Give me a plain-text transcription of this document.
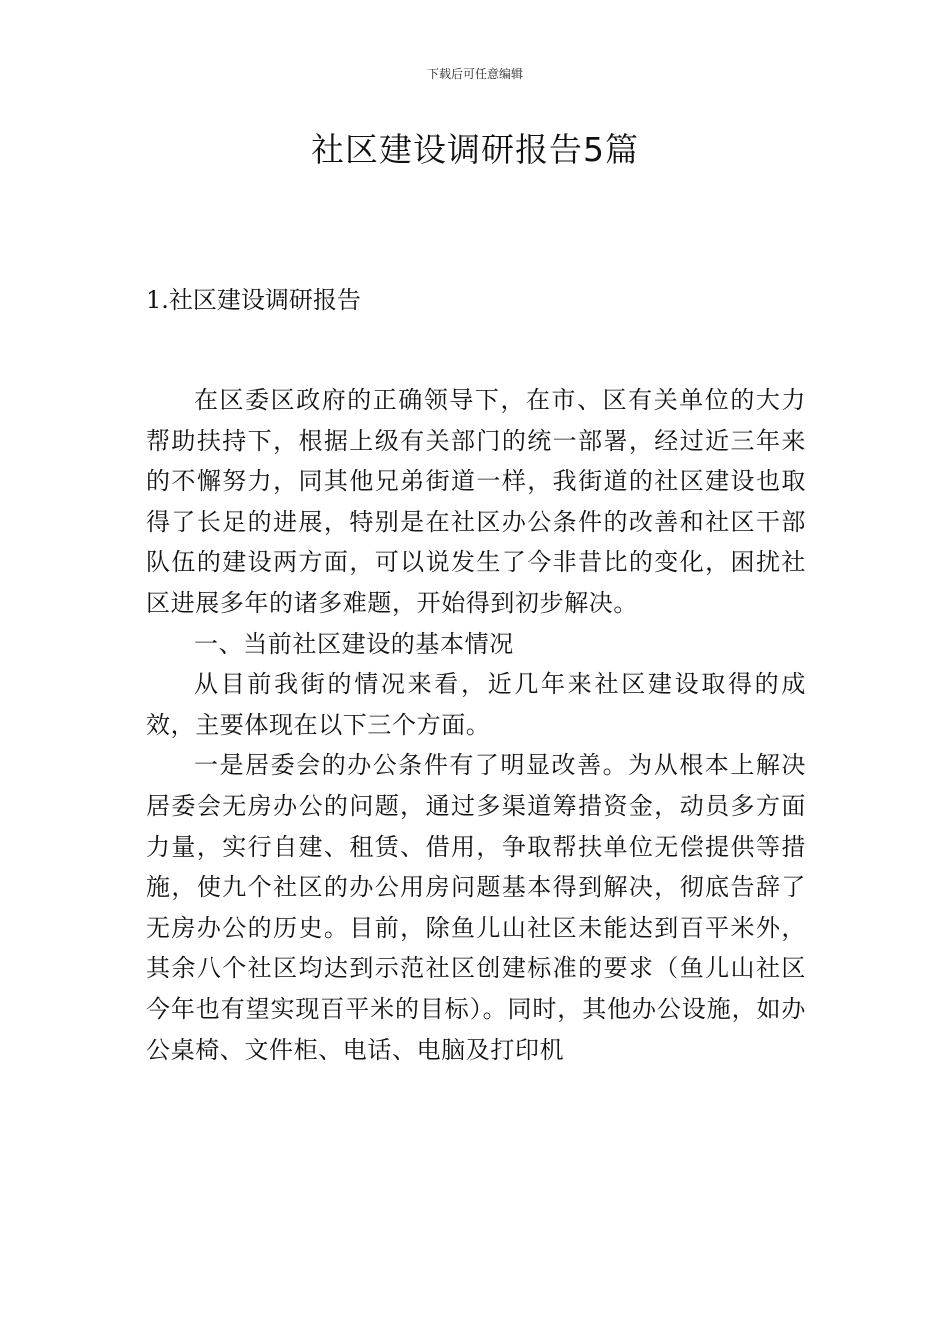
下载后可任意编辑
社区建设调研报告5篇
1.社区建设调研报告

在区委区政府的正确领导下，在市、区有关单位的大力帮助扶持下，根据上级有关部门的统一部署，经过近三年来的不懈努力，同其他兄弟街道一样，我街道的社区建设也取得了长足的进展，特别是在社区办公条件的改善和社区干部队伍的建设两方面，可以说发生了今非昔比的变化，困扰社区进展多年的诸多难题，开始得到初步解决。

一、当前社区建设的基本情况

从目前我街的情况来看，近几年来社区建设取得的成效，主要体现在以下三个方面。

一是居委会的办公条件有了明显改善。为从根本上解决居委会无房办公的问题，通过多渠道筹措资金，动员多方面力量，实行自建、租赁、借用，争取帮扶单位无偿提供等措施，使九个社区的办公用房问题基本得到解决，彻底告辞了无房办公的历史。目前，除鱼儿山社区未能达到百平米外，其余八个社区均达到示范社区创建标准的要求（鱼儿山社区今年也有望实现百平米的目标）。同时，其他办公设施，如办公桌椅、文件柜、电话、电脑及打印机
